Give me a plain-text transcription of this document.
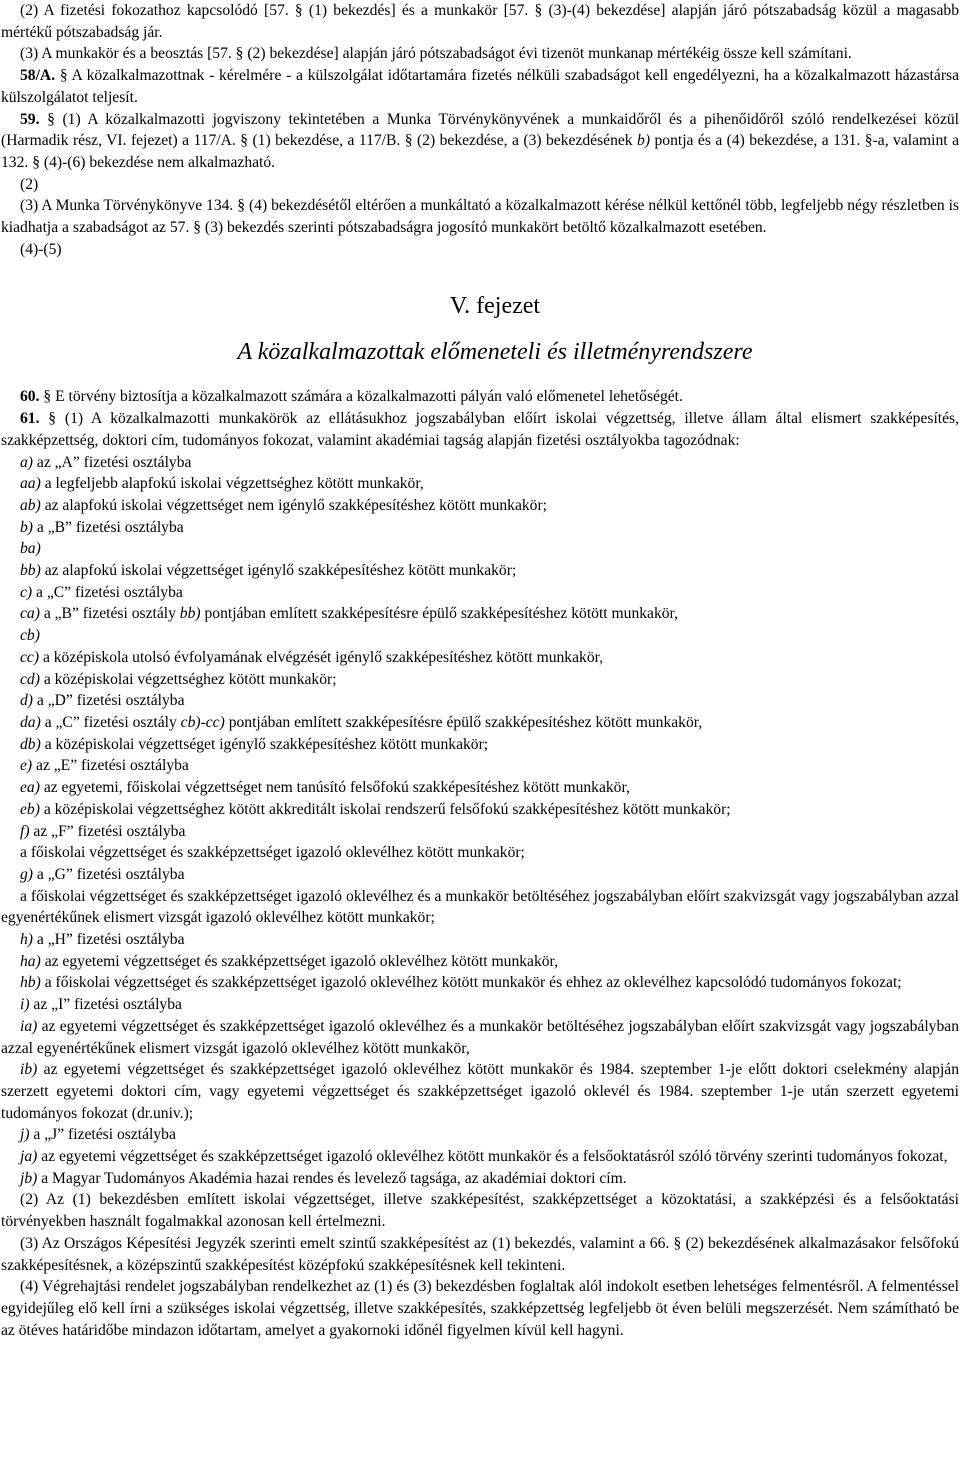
(2) A fizetési fokozathoz kapcsolódó [57. § (1) bekezdés] és a munkakör [57. § (3)-(4) bekezdése] alapján járó pótszabadság közül a magasabb mértékű pótszabadság jár.

(3) A munkakör és a beosztás [57. § (2) bekezdése] alapján járó pótszabadságot évi tizenöt munkanap mértékéig össze kell számítani.

58/A. § A közalkalmazottnak - kérelmére - a külszolgálat időtartamára fizetés nélküli szabadságot kell engedélyezni, ha a közalkalmazott házastársa külszolgálatot teljesít.

59. § (1) A közalkalmazotti jogviszony tekintetében a Munka Törvénykönyvének a munkaidőről és a pihenőidőről szóló rendelkezései közül (Harmadik rész, VI. fejezet) a 117/A. § (1) bekezdése, a 117/B. § (2) bekezdése, a (3) bekezdésének b) pontja és a (4) bekezdése, a 131. §-a, valamint a 132. § (4)-(6) bekezdése nem alkalmazható.

(2)

(3) A Munka Törvénykönyve 134. § (4) bekezdésétől eltérően a munkáltató a közalkalmazott kérése nélkül kettőnél több, legfeljebb négy részletben is kiadhatja a szabadságot az 57. § (3) bekezdés szerinti pótszabadságra jogosító munkakört betöltő közalkalmazott esetében.

(4)-(5)

V. fejezet
A közalkalmazottak előmeneteli és illetményrendszere

60. § E törvény biztosítja a közalkalmazott számára a közalkalmazotti pályán való előmenetel lehetőségét.

61. § (1) A közalkalmazotti munkakörök az ellátásukhoz jogszabályban előírt iskolai végzettség, illetve állam által elismert szakképesítés, szakképzettség, doktori cím, tudományos fokozat, valamint akadémiai tagság alapján fizetési osztályokba tagozódnak:

a) az „A” fizetési osztályba

aa) a legfeljebb alapfokú iskolai végzettséghez kötött munkakör,

ab) az alapfokú iskolai végzettséget nem igénylő szakképesítéshez kötött munkakör;

b) a „B” fizetési osztályba

ba)

bb) az alapfokú iskolai végzettséget igénylő szakképesítéshez kötött munkakör;

c) a „C” fizetési osztályba

ca) a „B” fizetési osztály bb) pontjában említett szakképesítésre épülő szakképesítéshez kötött munkakör,

cb)

cc) a középiskola utolsó évfolyamának elvégzését igénylő szakképesítéshez kötött munkakör,

cd) a középiskolai végzettséghez kötött munkakör;

d) a „D” fizetési osztályba

da) a „C” fizetési osztály cb)-cc) pontjában említett szakképesítésre épülő szakképesítéshez kötött munkakör,

db) a középiskolai végzettséget igénylő szakképesítéshez kötött munkakör;

e) az „E” fizetési osztályba

ea) az egyetemi, főiskolai végzettséget nem tanúsító felsőfokú szakképesítéshez kötött munkakör,

eb) a középiskolai végzettséghez kötött akkreditált iskolai rendszerű felsőfokú szakképesítéshez kötött munkakör;

f) az „F” fizetési osztályba

a főiskolai végzettséget és szakképzettséget igazoló oklevélhez kötött munkakör;

g) a „G” fizetési osztályba

a főiskolai végzettséget és szakképzettséget igazoló oklevélhez és a munkakör betöltéséhez jogszabályban előírt szakvizsgát vagy jogszabályban azzal egyenértékűnek elismert vizsgát igazoló oklevélhez kötött munkakör;

h) a „H” fizetési osztályba

ha) az egyetemi végzettséget és szakképzettséget igazoló oklevélhez kötött munkakör,

hb) a főiskolai végzettséget és szakképzettséget igazoló oklevélhez kötött munkakör és ehhez az oklevélhez kapcsolódó tudományos fokozat;

i) az „I” fizetési osztályba

ia) az egyetemi végzettséget és szakképzettséget igazoló oklevélhez és a munkakör betöltéséhez jogszabályban előírt szakvizsgát vagy jogszabályban azzal egyenértékűnek elismert vizsgát igazoló oklevélhez kötött munkakör,

ib) az egyetemi végzettséget és szakképzettséget igazoló oklevélhez kötött munkakör és 1984. szeptember 1-je előtt doktori cselekmény alapján szerzett egyetemi doktori cím, vagy egyetemi végzettséget és szakképzettséget igazoló oklevél és 1984. szeptember 1-je után szerzett egyetemi tudományos fokozat (dr.univ.);

j) a „J” fizetési osztályba

ja) az egyetemi végzettséget és szakképzettséget igazoló oklevélhez kötött munkakör és a felsőoktatásról szóló törvény szerinti tudományos fokozat,

jb) a Magyar Tudományos Akadémia hazai rendes és levelező tagsága, az akadémiai doktori cím.

(2) Az (1) bekezdésben említett iskolai végzettséget, illetve szakképesítést, szakképzettséget a közoktatási, a szakképzési és a felsőoktatási törvényekben használt fogalmakkal azonosan kell értelmezni.

(3) Az Országos Képesítési Jegyzék szerinti emelt szintű szakképesítést az (1) bekezdés, valamint a 66. § (2) bekezdésének alkalmazásakor felsőfokú szakképesítésnek, a középszintű szakképesítést középfokú szakképesítésnek kell tekinteni.

(4) Végrehajtási rendelet jogszabályban rendelkezhet az (1) és (3) bekezdésben foglaltak alól indokolt esetben lehetséges felmentésről. A felmentéssel egyidejűleg elő kell írni a szükséges iskolai végzettség, illetve szakképesítés, szakképzettség legfeljebb öt éven belüli megszerzését. Nem számítható be az ötéves határidőbe mindazon időtartam, amelyet a gyakornoki időnél figyelmen kívül kell hagyni.
